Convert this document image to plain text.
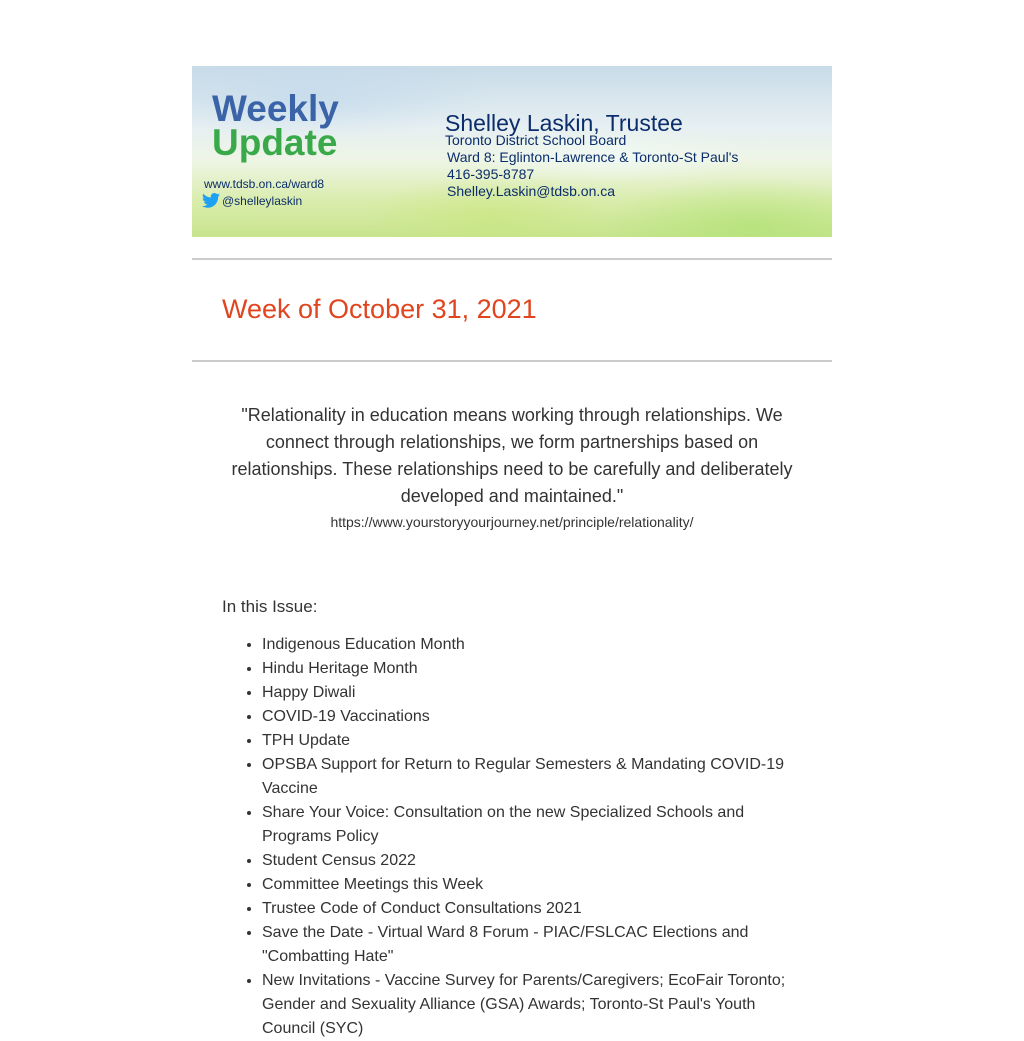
Weekly
Update
www.tdsb.on.ca/ward8
@shelleylaskin
Shelley Laskin, Trustee
Toronto District School Board
Ward 8: Eglinton-Lawrence & Toronto-St Paul's
416-395-8787
Shelley.Laskin@tdsb.on.ca
Week of October 31, 2021
"Relationality in education means working through relationships. We connect through relationships, we form partnerships based on relationships. These relationships need to be carefully and deliberately developed and maintained."
https://www.yourstoryyourjourney.net/principle/relationality/
In this Issue:
• Indigenous Education Month
• Hindu Heritage Month
• Happy Diwali
• COVID-19 Vaccinations
• TPH Update
• OPSBA Support for Return to Regular Semesters & Mandating COVID-19 Vaccine
• Share Your Voice: Consultation on the new Specialized Schools and Programs Policy
• Student Census 2022
• Committee Meetings this Week
• Trustee Code of Conduct Consultations 2021
• Save the Date - Virtual Ward 8 Forum - PIAC/FSLCAC Elections and "Combatting Hate"
• New Invitations - Vaccine Survey for Parents/Caregivers; EcoFair Toronto; Gender and Sexuality Alliance (GSA) Awards; Toronto-St Paul's Youth Council (SYC)
